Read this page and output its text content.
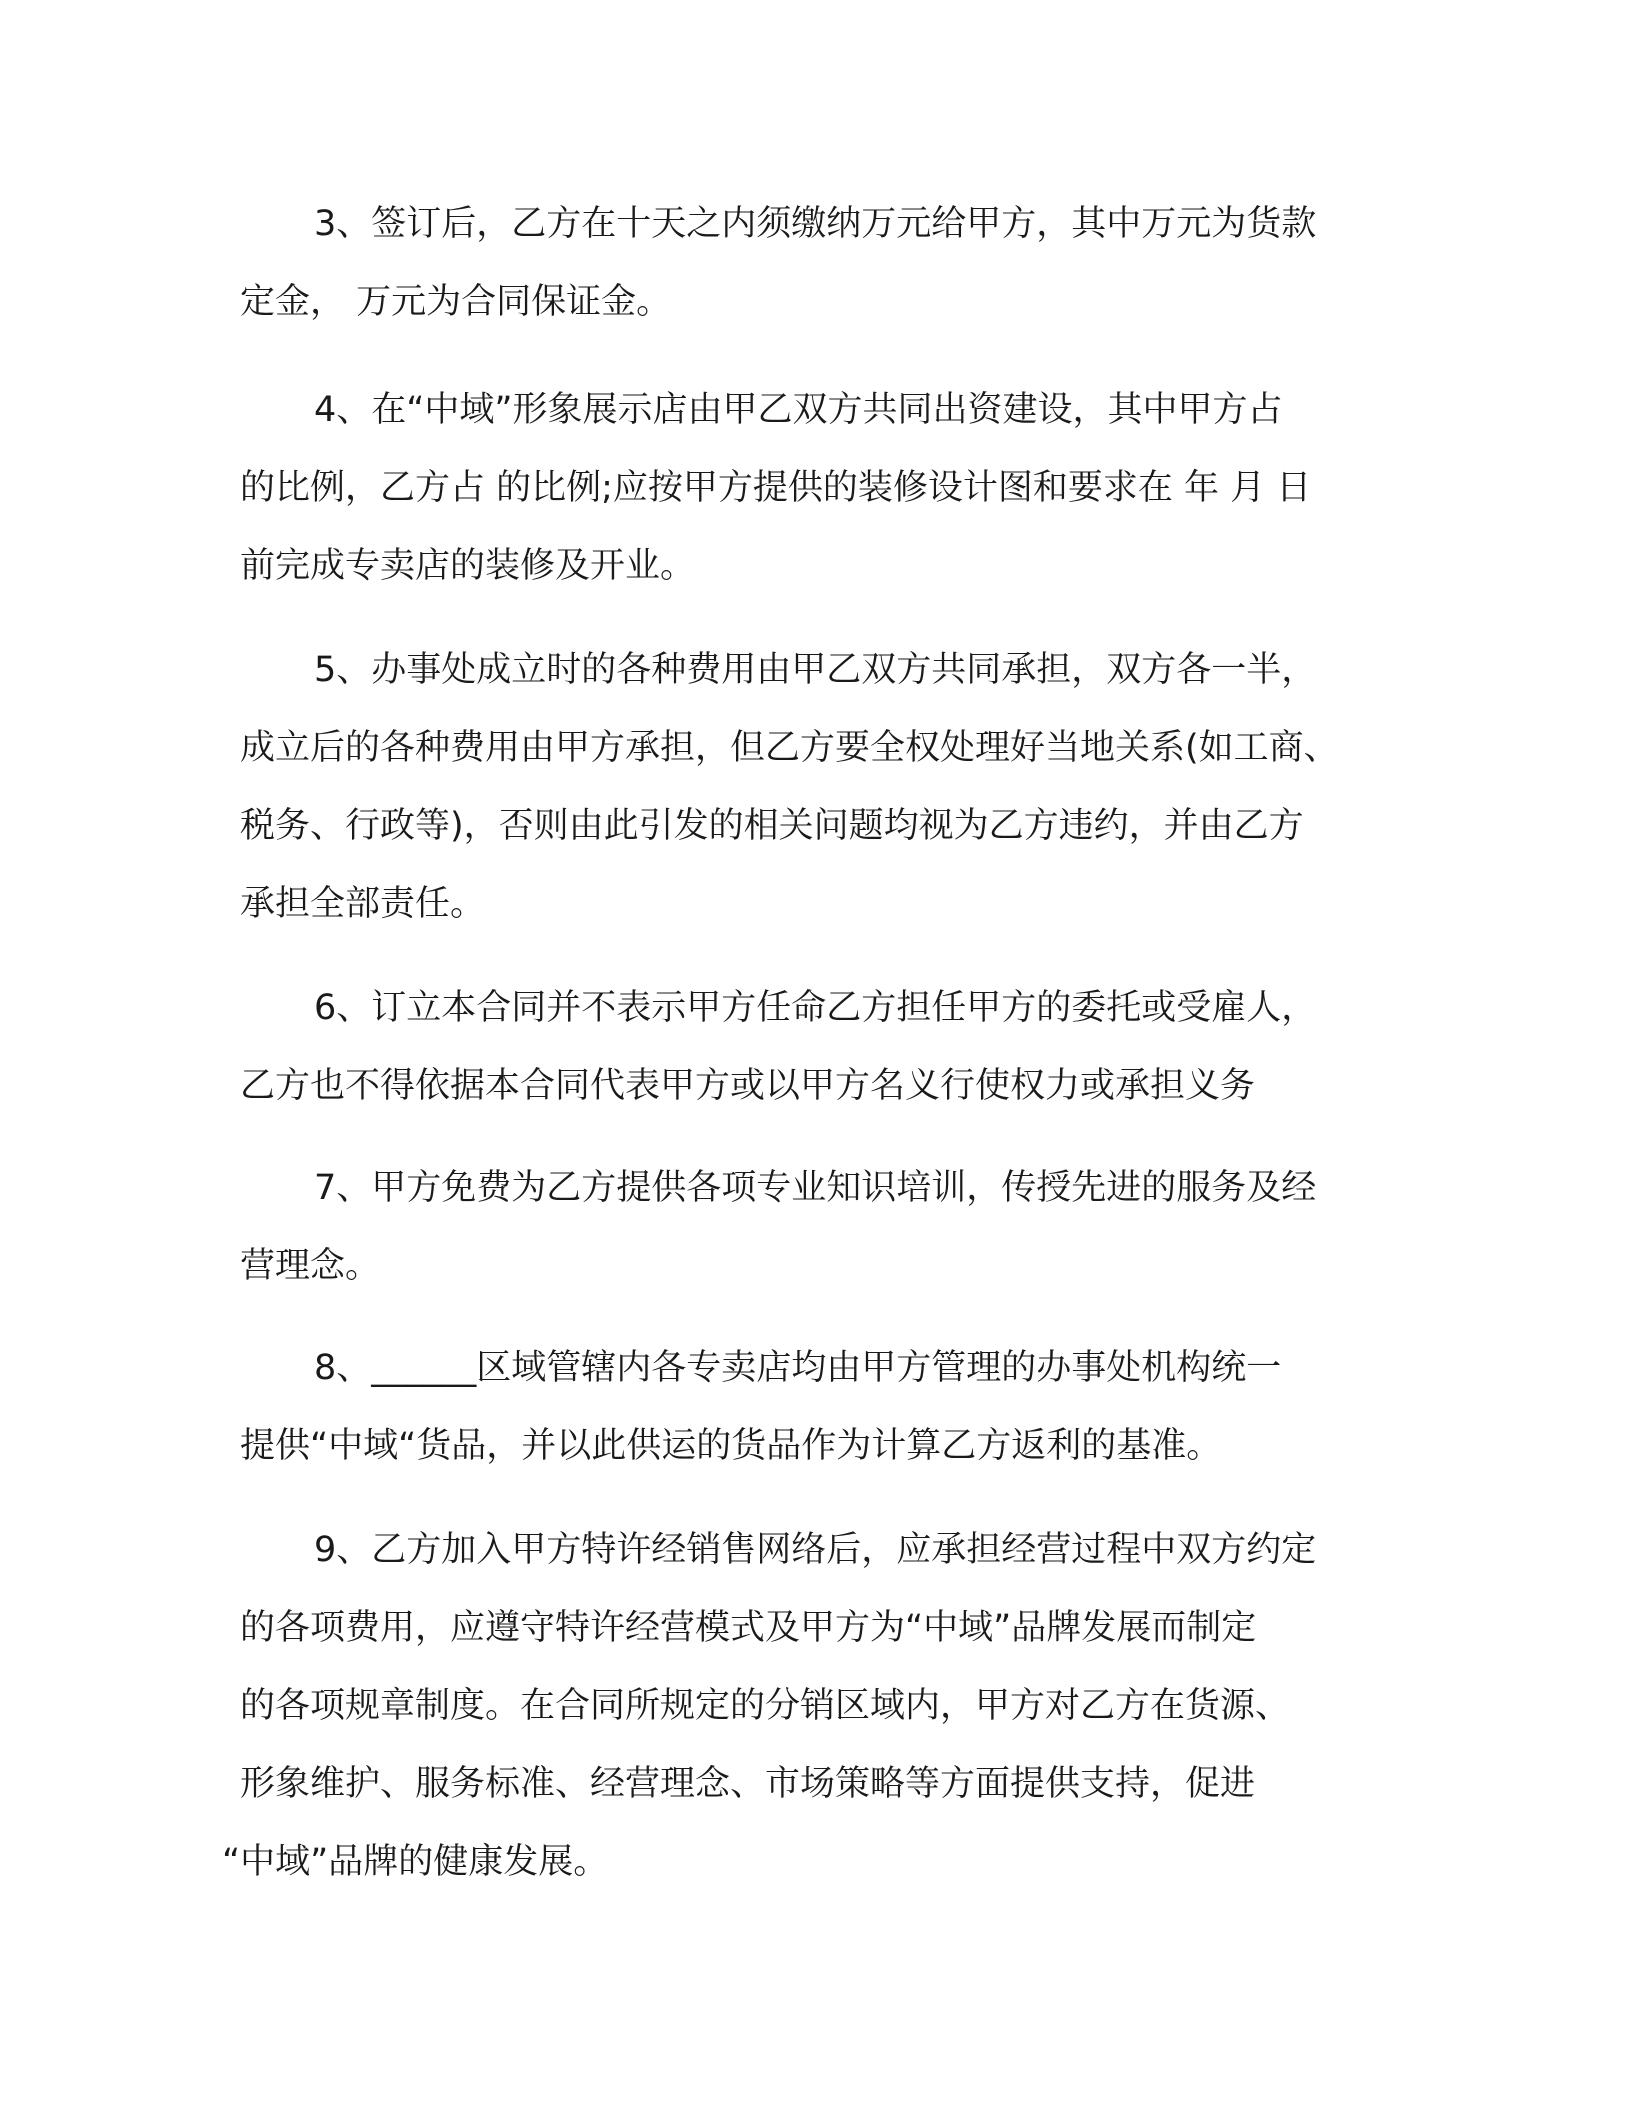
3、签订后，乙方在十天之内须缴纳万元给甲方，其中万元为货款
定金， 万元为合同保证金。
4、在“中域”形象展示店由甲乙双方共同出资建设，其中甲方占
的比例，乙方占 的比例;应按甲方提供的装修设计图和要求在 年 月 日
前完成专卖店的装修及开业。
5、办事处成立时的各种费用由甲乙双方共同承担，双方各一半，
成立后的各种费用由甲方承担，但乙方要全权处理好当地关系(如工商、
税务、行政等)，否则由此引发的相关问题均视为乙方违约，并由乙方
承担全部责任。
6、订立本合同并不表示甲方任命乙方担任甲方的委托或受雇人，
乙方也不得依据本合同代表甲方或以甲方名义行使权力或承担义务
7、甲方免费为乙方提供各项专业知识培训，传授先进的服务及经
营理念。
8、______区域管辖内各专卖店均由甲方管理的办事处机构统一
提供“中域“货品，并以此供运的货品作为计算乙方返利的基准。
9、乙方加入甲方特许经销售网络后，应承担经营过程中双方约定
的各项费用，应遵守特许经营模式及甲方为“中域”品牌发展而制定
的各项规章制度。在合同所规定的分销区域内，甲方对乙方在货源、
形象维护、服务标准、经营理念、市场策略等方面提供支持，促进
“中域”品牌的健康发展。
